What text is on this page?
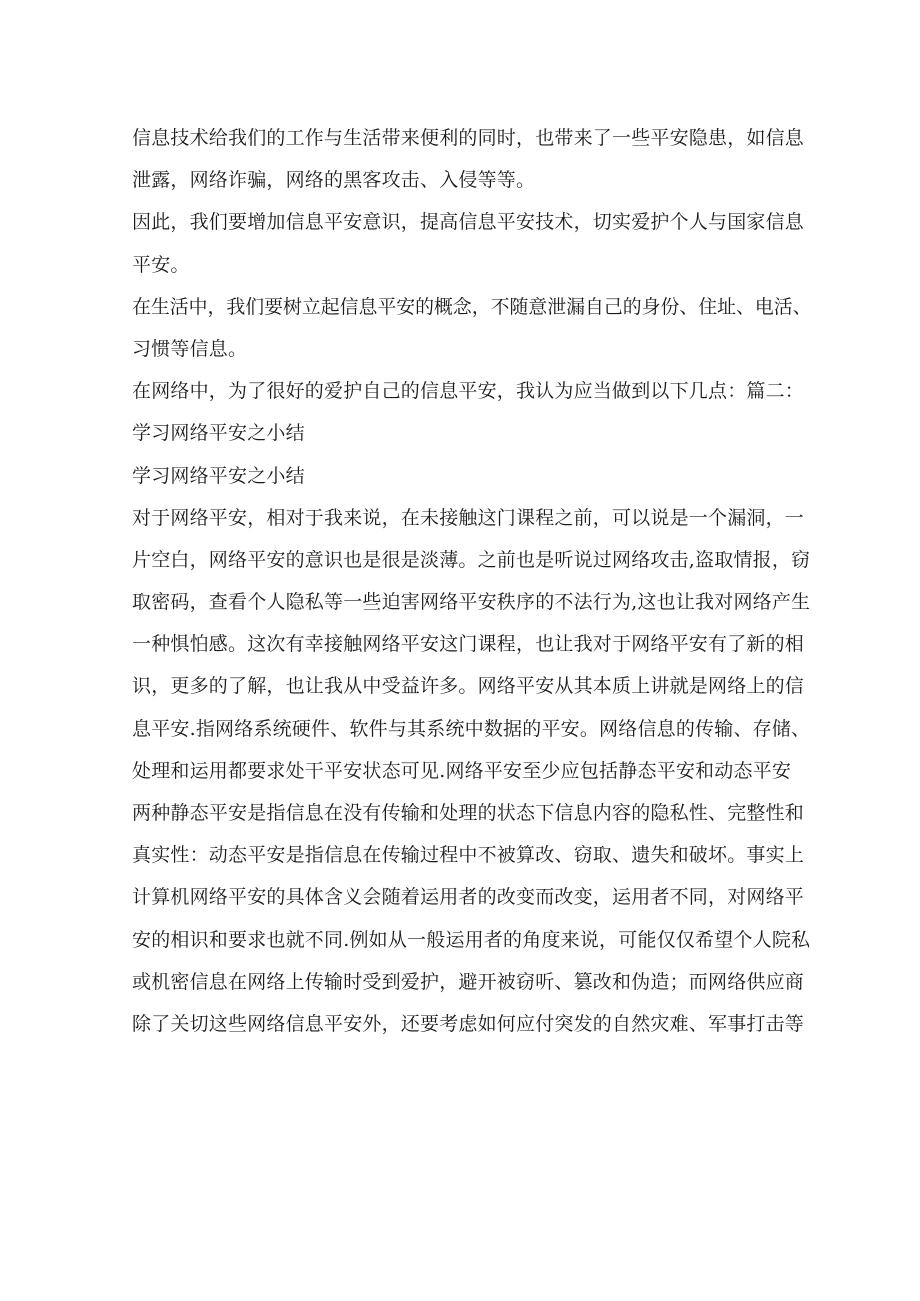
信息技术给我们的工作与生活带来便利的同时，也带来了一些平安隐患，如信息
泄露，网络诈骗，网络的黑客攻击、入侵等等。
因此，我们要增加信息平安意识，提高信息平安技术，切实爱护个人与国家信息
平安。
在生活中，我们要树立起信息平安的概念，不随意泄漏自己的身份、住址、电活、
习惯等信息。
在网络中，为了很好的爱护自己的信息平安，我认为应当做到以下几点：篇二：
学习网络平安之小结
学习网络平安之小结
对于网络平安，相对于我来说，在未接触这门课程之前，可以说是一个漏洞，一
片空白，网络平安的意识也是很是淡薄。之前也是听说过网络攻击,盗取情报，窃
取密码，查看个人隐私等一些迫害网络平安秩序的不法行为,这也让我对网络产生
一种惧怕感。这次有幸接触网络平安这门课程，也让我对于网络平安有了新的相
识，更多的了解，也让我从中受益许多。网络平安从其本质上讲就是网络上的信
息平安.指网络系统硬件、软件与其系统中数据的平安。网络信息的传输、存储、
处理和运用都要求处干平安状态可见.网络平安至少应包括静态平安和动态平安
两种静态平安是指信息在没有传输和处理的状态下信息内容的隐私性、完整性和
真实性：动态平安是指信息在传输过程中不被算改、窃取、遗失和破坏。事实上
计算机网络平安的具体含义会随着运用者的改变而改变，运用者不同，对网络平
安的相识和要求也就不同.例如从一般运用者的角度来说，可能仅仅希望个人院私
或机密信息在网络上传输时受到爱护，避开被窃听、篡改和伪造；而网络供应商
除了关切这些网络信息平安外，还要考虑如何应付突发的自然灾难、军事打击等
